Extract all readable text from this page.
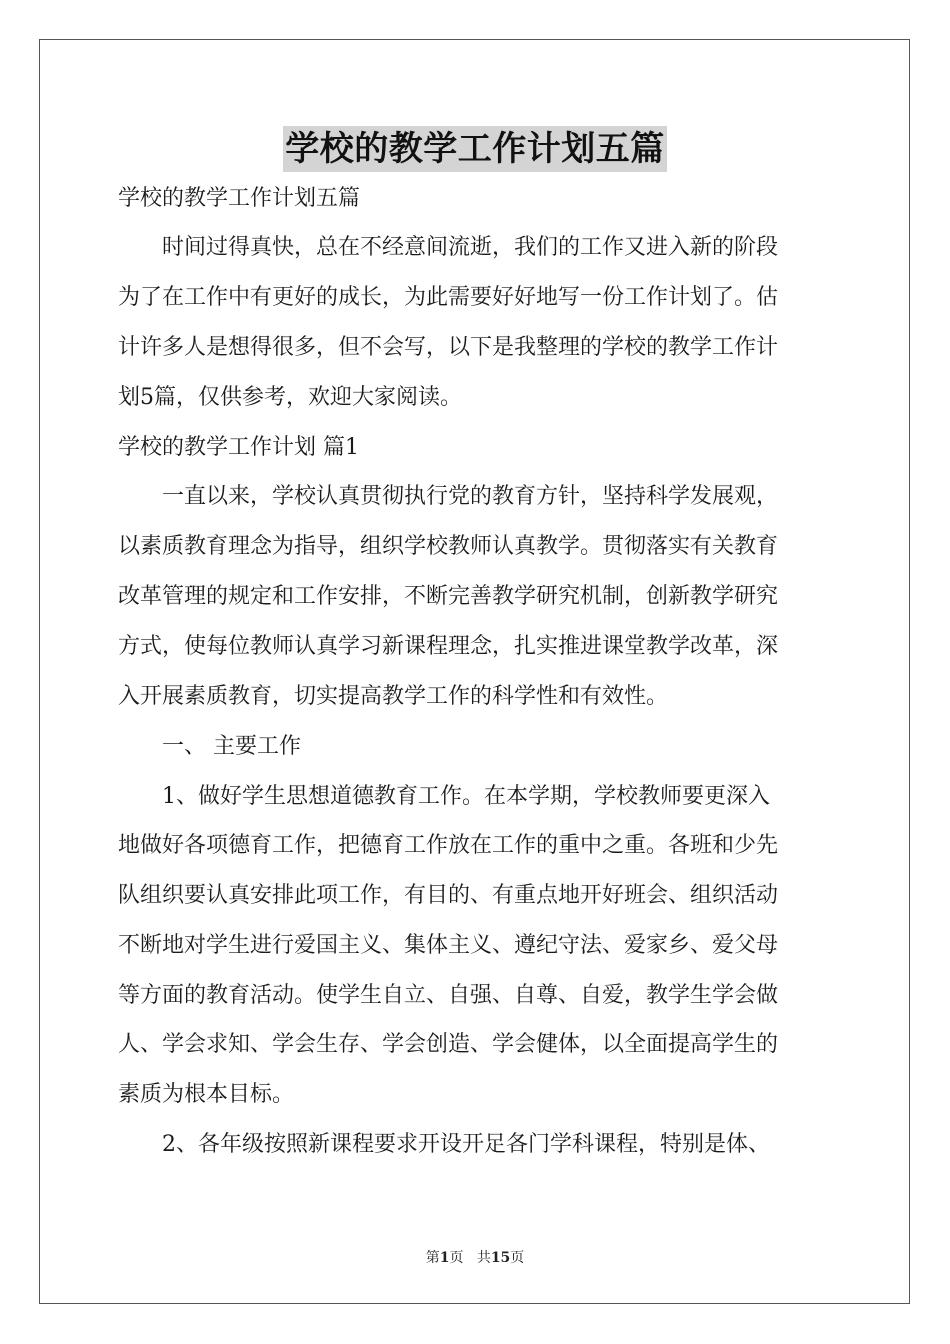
学校的教学工作计划五篇
学校的教学工作计划五篇
时间过得真快，总在不经意间流逝，我们的工作又进入新的阶段
为了在工作中有更好的成长，为此需要好好地写一份工作计划了。估
计许多人是想得很多，但不会写，以下是我整理的学校的教学工作计
划5篇，仅供参考，欢迎大家阅读。
学校的教学工作计划 篇1
一直以来，学校认真贯彻执行党的教育方针，坚持科学发展观，
以素质教育理念为指导，组织学校教师认真教学。贯彻落实有关教育
改革管理的规定和工作安排，不断完善教学研究机制，创新教学研究
方式，使每位教师认真学习新课程理念，扎实推进课堂教学改革，深
入开展素质教育，切实提高教学工作的科学性和有效性。
一、 主要工作
1、做好学生思想道德教育工作。在本学期，学校教师要更深入
地做好各项德育工作，把德育工作放在工作的重中之重。各班和少先
队组织要认真安排此项工作，有目的、有重点地开好班会、组织活动
不断地对学生进行爱国主义、集体主义、遵纪守法、爱家乡、爱父母
等方面的教育活动。使学生自立、自强、自尊、自爱，教学生学会做
人、学会求知、学会生存、学会创造、学会健体，以全面提高学生的
素质为根本目标。
2、各年级按照新课程要求开设开足各门学科课程，特别是体、
第1页 共15页
